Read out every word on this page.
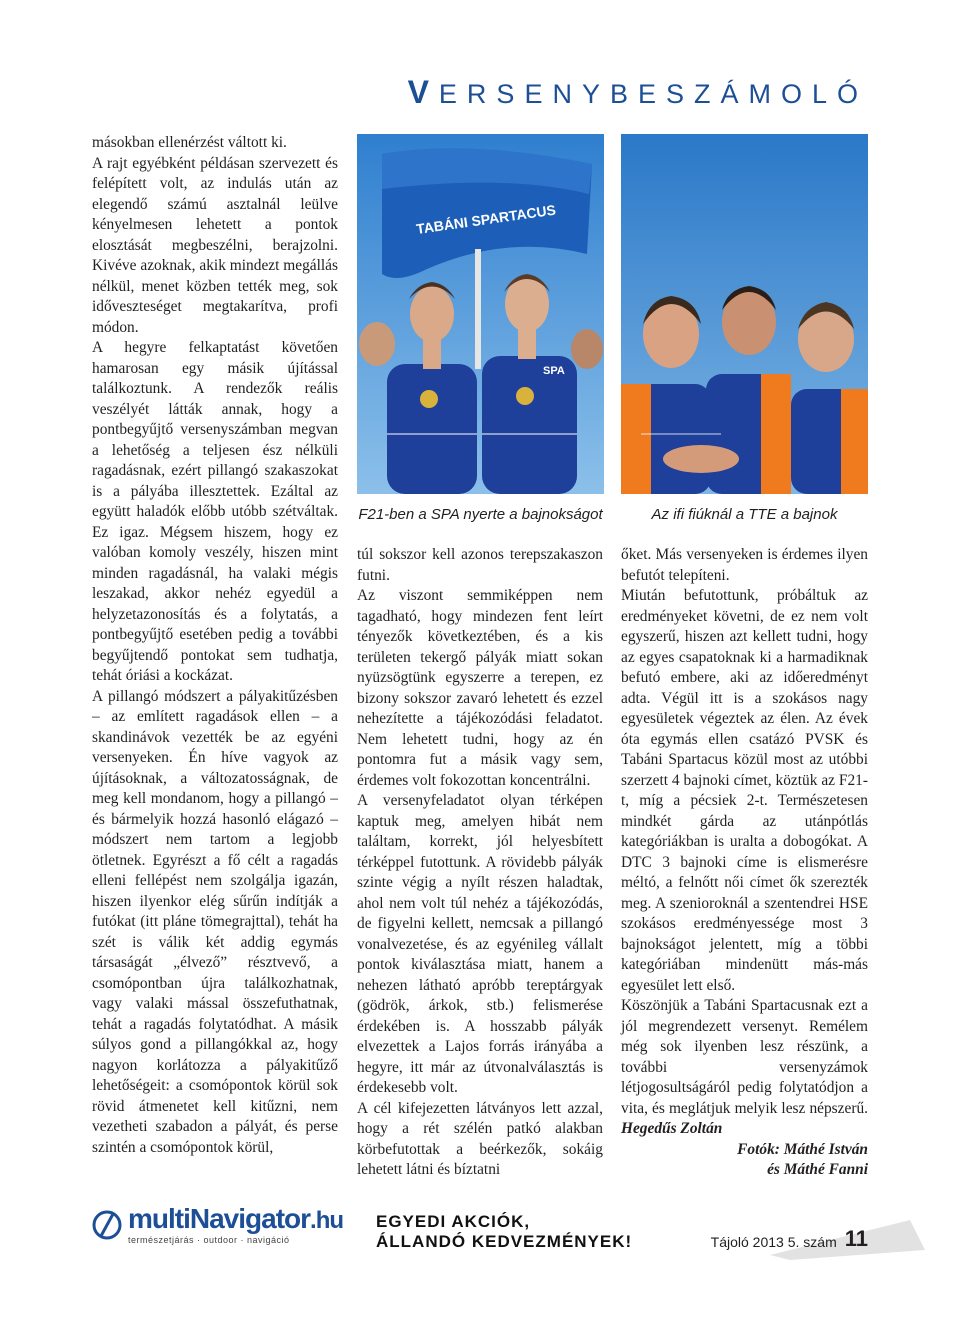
VERSENYBESZÁMOLÓ

másokban ellenérzést váltott ki.

A rajt egyébként példásan szervezett és felépített volt, az indulás után az elegendő számú asztalnál leülve kényelmesen lehetett a pontok elosztását megbeszélni, berajzolni. Kivéve azoknak, akik mindezt megállás nélkül, menet közben tették meg, sok időveszteséget megtakarítva, profi módon.

A hegyre felkaptatást követően hamarosan egy másik újítással találkoztunk. A rendezők reális veszélyét látták annak, hogy a pontbegyűjtő versenyszámban megvan a lehetőség a teljesen ész nélküli ragadásnak, ezért pillangó szakaszokat is a pályába illesztettek. Ezáltal az együtt haladók előbb utóbb szétváltak. Ez igaz. Mégsem hiszem, hogy ez valóban komoly veszély, hiszen mint minden ragadásnál, ha valaki mégis leszakad, akkor nehéz egyedül a helyzetazonosítás és a folytatás, a pontbegyűjtő esetében pedig a további begyűjtendő pontokat sem tudhatja, tehát óriási a kockázat.

A pillangó módszert a pályakitűzésben – az említett ragadások ellen – a skandinávok vezették be az egyéni versenyeken. Én híve vagyok az újításoknak, a változatosságnak, de meg kell mondanom, hogy a pillangó – és bármelyik hozzá hasonló elágazó – módszert nem tartom a legjobb ötletnek. Egyrészt a fő célt a ragadás elleni fellépést nem szolgálja igazán, hiszen ilyenkor elég sűrűn indítják a futókat (itt pláne tömegrajttal), tehát ha szét is válik két addig egymás társaságát „élvező” résztvevő, a csomópontban újra találkozhatnak, vagy valaki mással összefuthatnak, tehát a ragadás folytatódhat. A másik súlyos gond a pillangókkal az, hogy nagyon korlátozza a pályakitűző lehetőségeit: a csomópontok körül sok rövid átmenetet kell kitűzni, nem vezetheti szabadon a pályát, és perse szintén a csomópontok körül,

TABÁNI SPARTACUS
SPA
F21-ben a SPA nyerte a bajnokságot	Az ifi fiúknál a TTE a bajnok

túl sokszor kell azonos terepszakaszon futni.

Az viszont semmiképpen nem tagadható, hogy mindezen fent leírt tényezők következtében, és a kis területen tekergő pályák miatt sokan nyüzsögtünk egyszerre a terepen, ez bizony sokszor zavaró lehetett és ezzel nehezítette a tájékozódási feladatot. Nem lehetett tudni, hogy az én pontomra fut a másik vagy sem, érdemes volt fokozottan koncentrálni.

A versenyfeladatot olyan térképen kaptuk meg, amelyen hibát nem találtam, korrekt, jól helyesbített térképpel futottunk. A rövidebb pályák szinte végig a nyílt részen haladtak, ahol nem volt túl nehéz a tájékozódás, de figyelni kellett, nemcsak a pillangó vonalvezetése, és az egyénileg vállalt pontok kiválasztása miatt, hanem a nehezen látható apróbb tereptárgyak (gödrök, árkok, stb.) felismerése érdekében is. A hosszabb pályák elvezettek a Lajos forrás irányába a hegyre, itt már az útvonalválasztás is érdekesebb volt.

A cél kifejezetten látványos lett azzal, hogy a rét szélén patkó alakban körbefutottak a beérkezők, sokáig lehetett látni és bíztatni

őket. Más versenyeken is érdemes ilyen befutót telepíteni.

Miután befutottunk, próbáltuk az eredményeket követni, de ez nem volt egyszerű, hiszen azt kellett tudni, hogy az egyes csapatoknak ki a harmadiknak befutó embere, aki az időeredményt adta. Végül itt is a szokásos nagy egyesületek végeztek az élen. Az évek óta egymás ellen csatázó PVSK és Tabáni Spartacus közül most az utóbbi szerzett 4 bajnoki címet, köztük az F21-t, míg a pécsiek 2-t. Természetesen mindkét gárda az utánpótlás kategóriákban is uralta a dobogókat. A DTC 3 bajnoki címe is elismerésre méltó, a felnőtt női címet ők szerezték meg. A szenioroknál a szentendrei HSE szokásos eredményessége most 3 bajnokságot jelentett, míg a többi kategóriában mindenütt más-más egyesület lett első.

Köszönjük a Tabáni Spartacusnak ezt a jól megrendezett versenyt. Remélem még sok ilyenben lesz részünk, a további versenyzámok létjogosultságáról pedig folytatódjon a vita, és meglátjuk melyik lesz népszerű. Hegedűs Zoltán

Fotók: Máthé István

és Máthé Fanni

multiNavigator.hu
természetjárás · outdoor · navigáció
EGYEDI AKCIÓK,
ÁLLANDÓ KEDVEZMÉNYEK!	Tájoló 2013 5. szám 11
